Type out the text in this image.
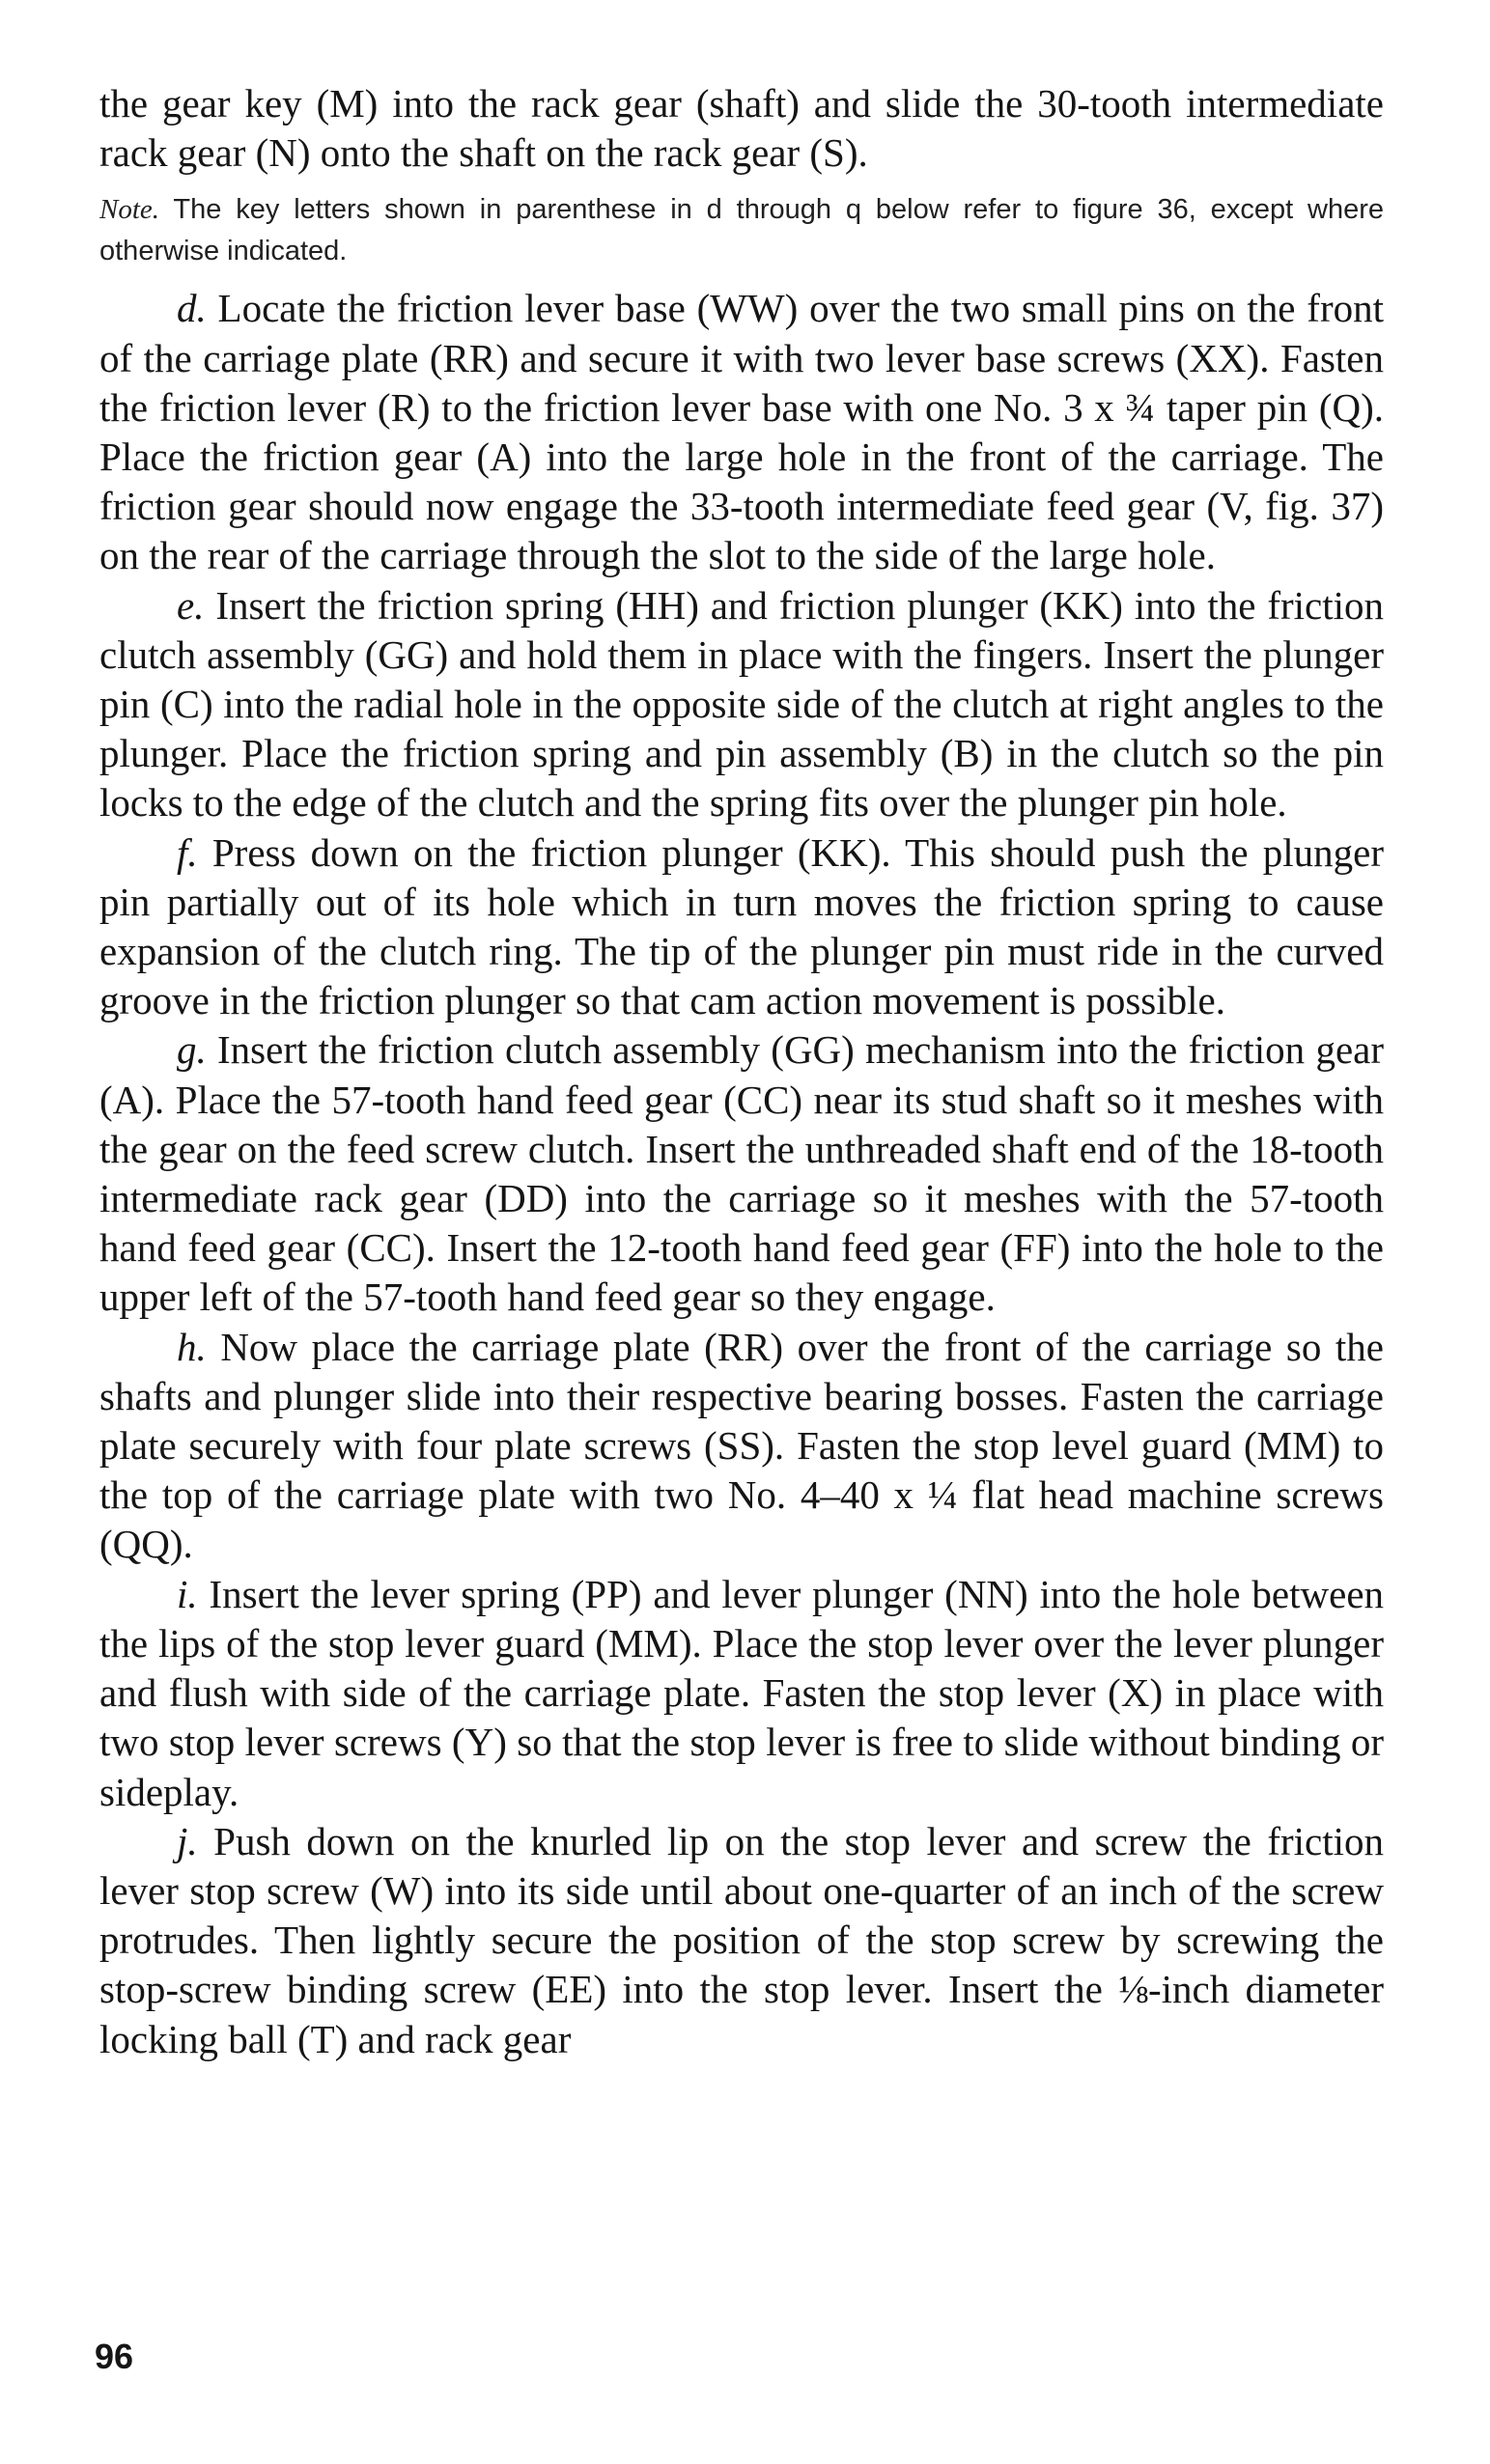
the gear key (M) into the rack gear (shaft) and slide the 30-tooth intermediate rack gear (N) onto the shaft on the rack gear (S).

Note. The key letters shown in parenthese in d through q below refer to figure 36, except where otherwise indicated.

d. Locate the friction lever base (WW) over the two small pins on the front of the carriage plate (RR) and secure it with two lever base screws (XX). Fasten the friction lever (R) to the friction lever base with one No. 3 x ¾ taper pin (Q). Place the friction gear (A) into the large hole in the front of the carriage. The friction gear should now engage the 33-tooth intermediate feed gear (V, fig. 37) on the rear of the carriage through the slot to the side of the large hole.

e. Insert the friction spring (HH) and friction plunger (KK) into the friction clutch assembly (GG) and hold them in place with the fingers. Insert the plunger pin (C) into the radial hole in the opposite side of the clutch at right angles to the plunger. Place the friction spring and pin assembly (B) in the clutch so the pin locks to the edge of the clutch and the spring fits over the plunger pin hole.

f. Press down on the friction plunger (KK). This should push the plunger pin partially out of its hole which in turn moves the friction spring to cause expansion of the clutch ring. The tip of the plunger pin must ride in the curved groove in the friction plunger so that cam action movement is possible.

g. Insert the friction clutch assembly (GG) mechanism into the friction gear (A). Place the 57-tooth hand feed gear (CC) near its stud shaft so it meshes with the gear on the feed screw clutch. Insert the unthreaded shaft end of the 18-tooth intermediate rack gear (DD) into the carriage so it meshes with the 57-tooth hand feed gear (CC). Insert the 12-tooth hand feed gear (FF) into the hole to the upper left of the 57-tooth hand feed gear so they engage.

h. Now place the carriage plate (RR) over the front of the carriage so the shafts and plunger slide into their respective bearing bosses. Fasten the carriage plate securely with four plate screws (SS). Fasten the stop level guard (MM) to the top of the carriage plate with two No. 4–40 x ¼ flat head machine screws (QQ).

i. Insert the lever spring (PP) and lever plunger (NN) into the hole between the lips of the stop lever guard (MM). Place the stop lever over the lever plunger and flush with side of the carriage plate. Fasten the stop lever (X) in place with two stop lever screws (Y) so that the stop lever is free to slide without binding or sideplay.

j. Push down on the knurled lip on the stop lever and screw the friction lever stop screw (W) into its side until about one-quarter of an inch of the screw protrudes. Then lightly secure the position of the stop screw by screwing the stop-screw binding screw (EE) into the stop lever. Insert the ⅛-inch diameter locking ball (T) and rack gear

96
